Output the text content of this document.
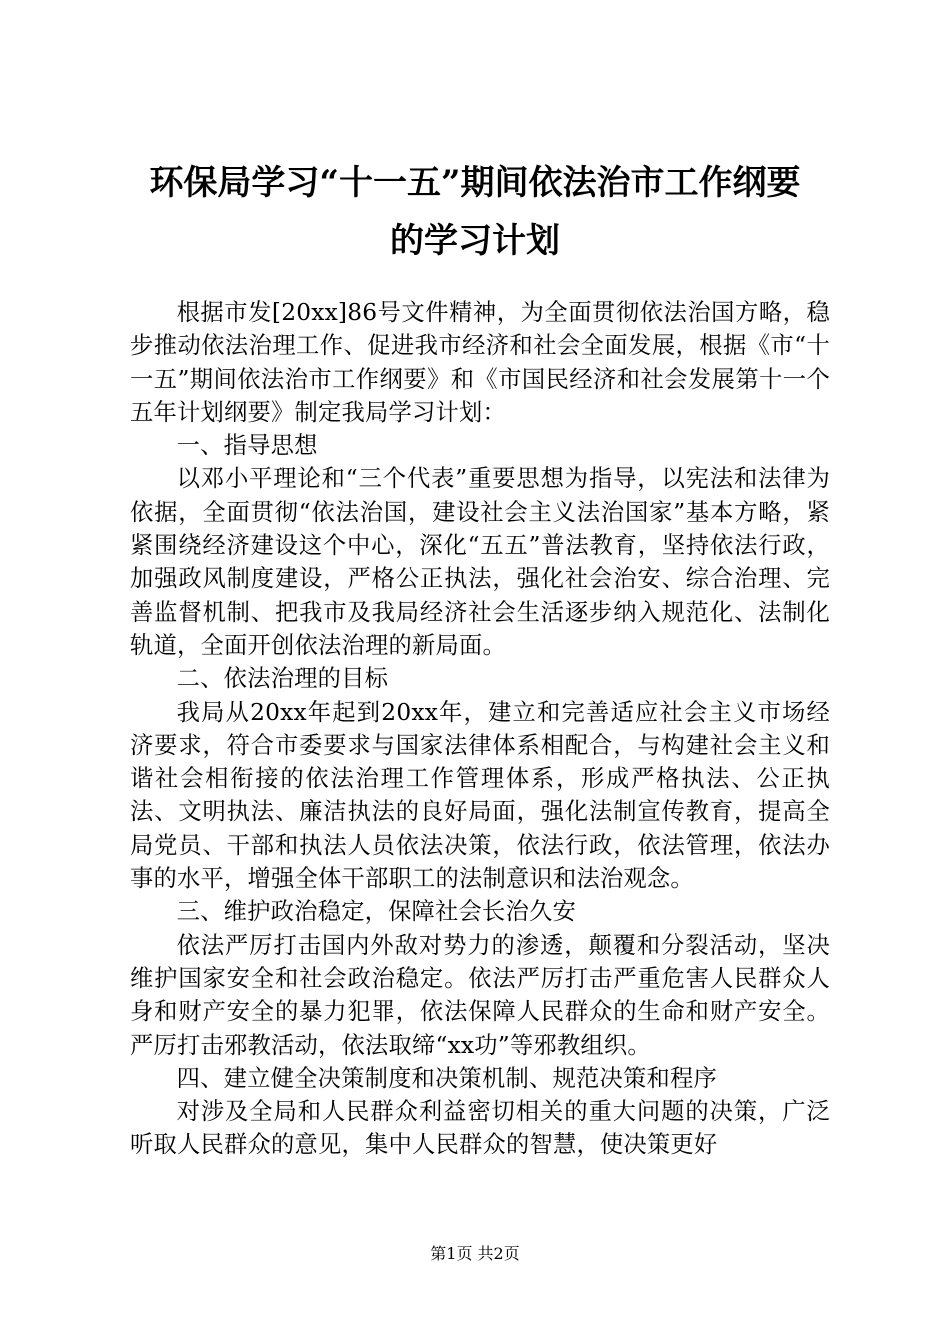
环保局学习“十一五”期间依法治市工作纲要
的学习计划

根据市发[20xx]86号文件精神，为全面贯彻依法治国方略，稳步推动依法治理工作、促进我市经济和社会全面发展，根据《市“十一五”期间依法治市工作纲要》和《市国民经济和社会发展第十一个五年计划纲要》制定我局学习计划：

一、指导思想

以邓小平理论和“三个代表”重要思想为指导，以宪法和法律为依据，全面贯彻“依法治国，建设社会主义法治国家”基本方略，紧紧围绕经济建设这个中心，深化“五五”普法教育，坚持依法行政，加强政风制度建设，严格公正执法，强化社会治安、综合治理、完善监督机制、把我市及我局经济社会生活逐步纳入规范化、法制化轨道，全面开创依法治理的新局面。

二、依法治理的目标

我局从20xx年起到20xx年，建立和完善适应社会主义市场经济要求，符合市委要求与国家法律体系相配合，与构建社会主义和谐社会相衔接的依法治理工作管理体系，形成严格执法、公正执法、文明执法、廉洁执法的良好局面，强化法制宣传教育，提高全局党员、干部和执法人员依法决策，依法行政，依法管理，依法办事的水平，增强全体干部职工的法制意识和法治观念。

三、维护政治稳定，保障社会长治久安

依法严厉打击国内外敌对势力的渗透，颠覆和分裂活动，坚决维护国家安全和社会政治稳定。依法严厉打击严重危害人民群众人身和财产安全的暴力犯罪，依法保障人民群众的生命和财产安全。严厉打击邪教活动，依法取缔“xx功”等邪教组织。

四、建立健全决策制度和决策机制、规范决策和程序

对涉及全局和人民群众利益密切相关的重大问题的决策，广泛听取人民群众的意见，集中人民群众的智慧，使决策更好

第1页 共2页
